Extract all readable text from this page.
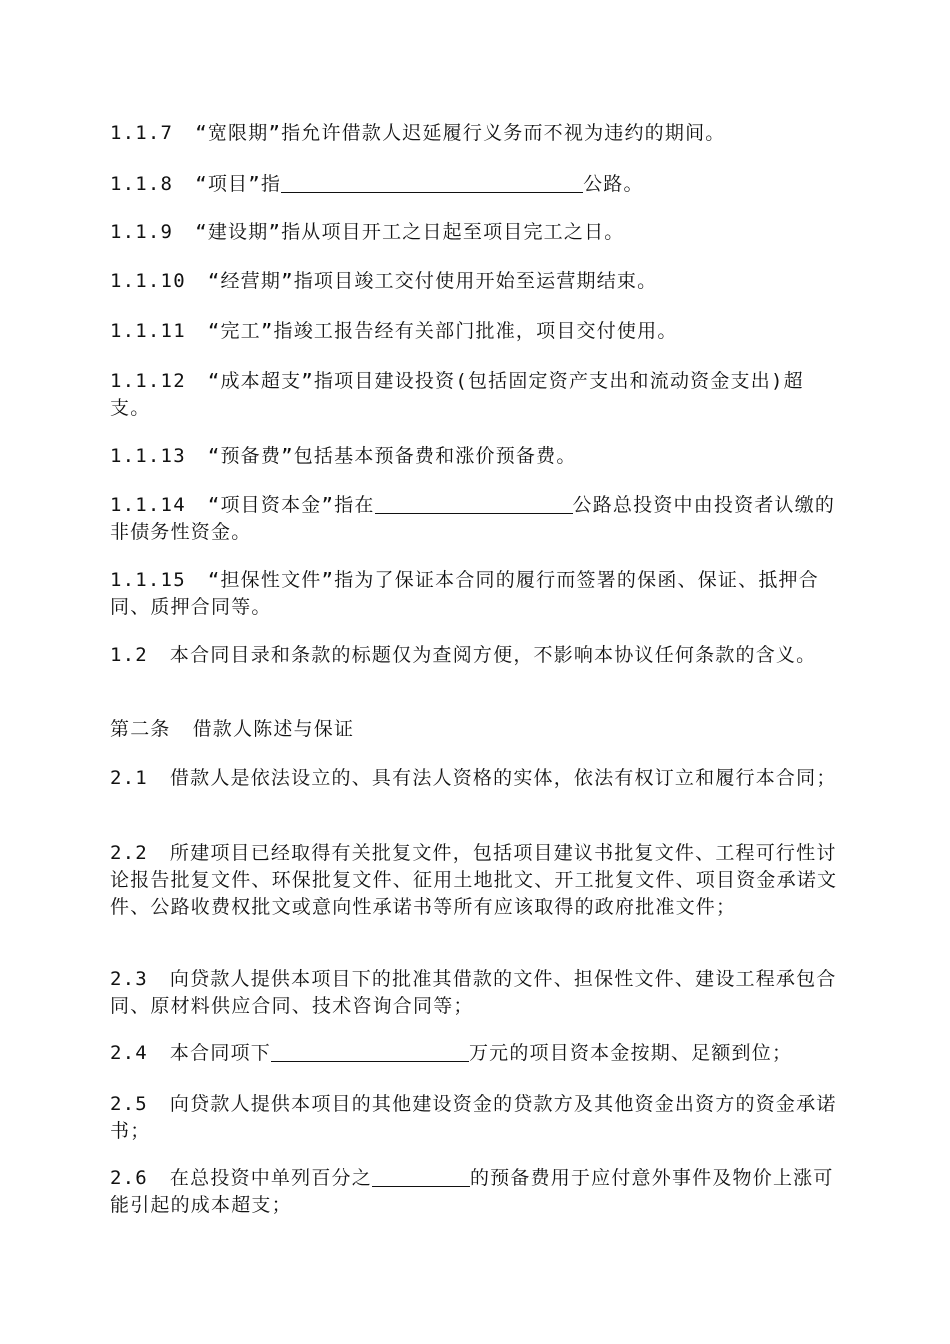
1.1.7 “宽限期”指允许借款人迟延履行义务而不视为违约的期间。

1.1.8 “项目”指	公路。

1.1.9 “建设期”指从项目开工之日起至项目完工之日。

1.1.10 “经营期”指项目竣工交付使用开始至运营期结束。

1.1.11 “完工”指竣工报告经有关部门批准，项目交付使用。

1.1.12 “成本超支”指项目建设投资(包括固定资产支出和流动资金支出)超支。

1.1.13 “预备费”包括基本预备费和涨价预备费。

1.1.14 “项目资本金”指在	公路总投资中由投资者认缴的非债务性资金。

1.1.15 “担保性文件”指为了保证本合同的履行而签署的保函、保证、抵押合同、质押合同等。

1.2 本合同目录和条款的标题仅为查阅方便，不影响本协议任何条款的含义。

第二条 借款人陈述与保证

2.1 借款人是依法设立的、具有法人资格的实体，依法有权订立和履行本合同；

2.2 所建项目已经取得有关批复文件，包括项目建议书批复文件、工程可行性讨论报告批复文件、环保批复文件、征用土地批文、开工批复文件、项目资金承诺文件、公路收费权批文或意向性承诺书等所有应该取得的政府批准文件；

2.3 向贷款人提供本项目下的批准其借款的文件、担保性文件、建设工程承包合同、原材料供应合同、技术咨询合同等；

2.4 本合同项下	万元的项目资本金按期、足额到位；

2.5 向贷款人提供本项目的其他建设资金的贷款方及其他资金出资方的资金承诺书；

2.6 在总投资中单列百分之	的预备费用于应付意外事件及物价上涨可能引起的成本超支；
